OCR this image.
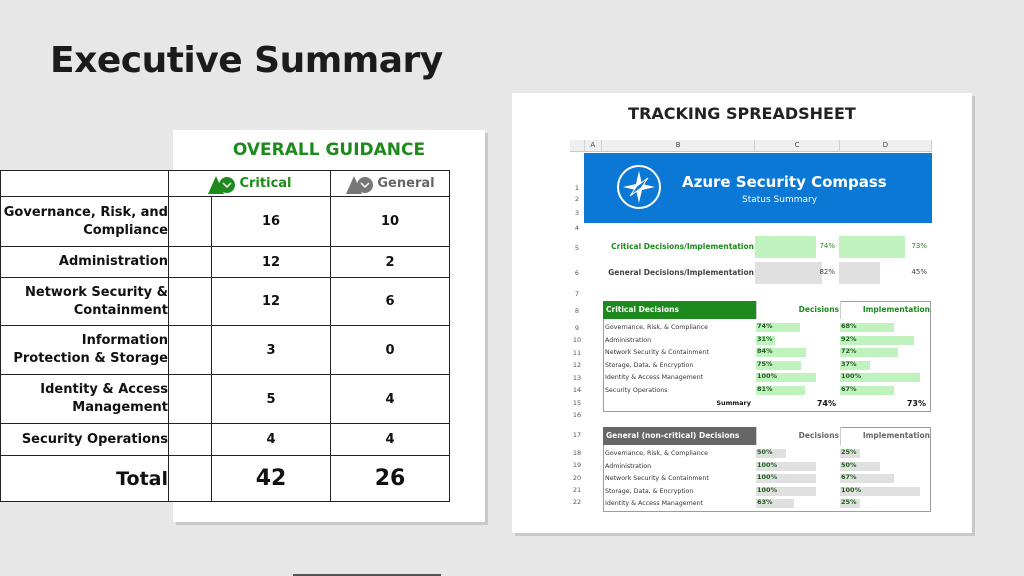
Executive Summary
OVERALL GUIDANCE

	Critical		General

Governance, Risk, and Compliance		16	10
Administration		12	2
Network Security & Containment		12	6
Information Protection & Storage		3	0
Identity & Access Management		5	4
Security Operations		4	4
Total		42	26
TRACKING SPREADSHEET
A	B	C	D
Azure Security Compass
Status Summary
1
2
3
4
5
6
7
8
9
10
11
12
13
14
15
16
17
18
19
20
21
22
Critical Decisions/Implementation	74%	73%
General Decisions/Implementation	82%	45%
Critical Decisions	Decisions	Implementation
Governance, Risk, & Compliance	74%	68%
Administration	31%	92%
Network Security & Containment	84%	72%
Storage, Data, & Encryption	75%	37%
Identity & Access Management	100%	100%
Security Operations	81%	67%
Summary	74%	73%
General (non-critical) Decisions	Decisions	Implementation
Governance, Risk, & Compliance	50%	25%
Administration	100%	50%
Network Security & Containment	100%	67%
Storage, Data, & Encryption	100%	100%
Identity & Access Management	63%	25%
